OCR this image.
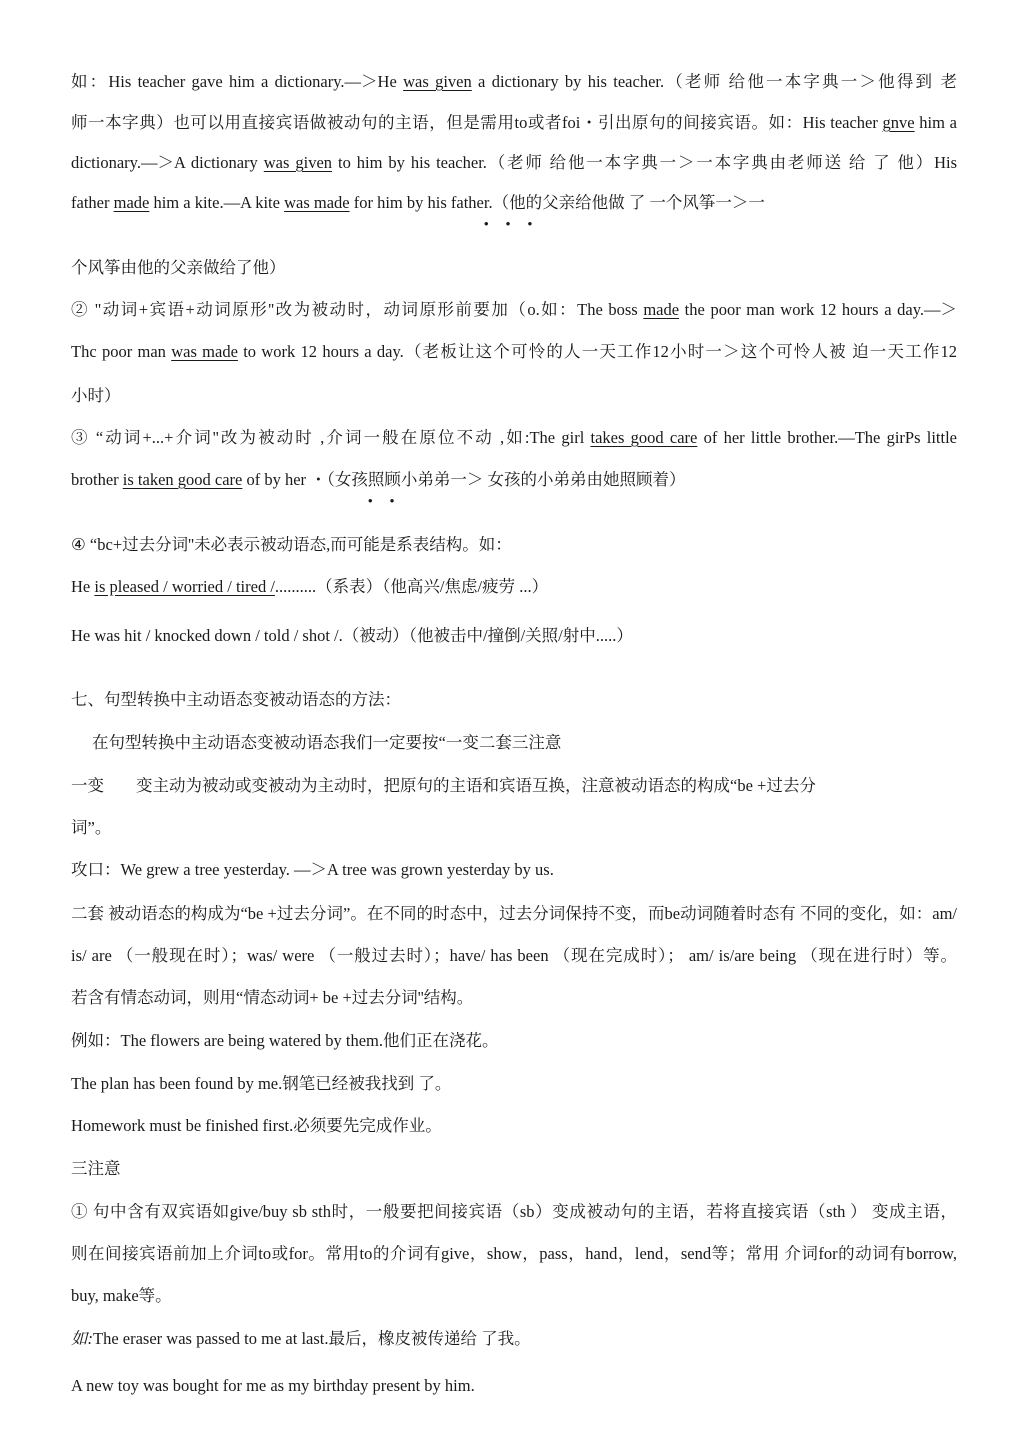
如：His teacher gave him a dictionary.—＞He was given a dictionary by his teacher.（老师 给他一本字典一＞他得到 老
师一本字典）也可以用直接宾语做被动句的主语，但是需用to或者foi・引出原句的间接宾语。如：His teacher gnve him a
dictionary.—＞A dictionary was given to him by his teacher.（老师 给他一本字典一＞一本字典由老师送 给 了 他）His
father made him a kite.—A kite was made for him by his father.（他的父亲给他做 了 一个风筝一＞一
• • •
个风筝由他的父亲做给了他）
② "动词+宾语+动词原形''改为被动时，动词原形前要加（o.如：The boss made the poor man work 12 hours a day.—＞
Thc poor man was made to work 12 hours a day.（老板让这个可怜的人一天工作12小时一＞这个可怜人被 迫一天工作12
小时）
③ “动词+...+介词''改为被动时 ,介词一般在原位不动 ,如:The girl takes good care of her little brother.—The girPs little
brother is taken good care of by her ・（女孩照顾小弟弟一＞ 女孩的小弟弟由她照顾着）
• •
④ “bc+过去分词''未必表示被动语态,而可能是系表结构。如：
He is pleased / worried / tired /..........（系表）（他高兴/焦虑/疲劳 ...）
He was hit / knocked down / told / shot /.（被动）（他被击中/撞倒/关照/射中.....）
七、句型转换中主动语态变被动语态的方法：
在句型转换中主动语态变被动语态我们一定要按“一变二套三注意
一变 变主动为被动或变被动为主动时，把原句的主语和宾语互换，注意被动语态的构成“be +过去分
词”。
攻口：We grew a tree yesterday. —＞A tree was grown yesterday by us.
二套 被动语态的构成为“be +过去分词”。在不同的时态中，过去分词保持不变，而be动词随着时态有 不同的变化，如：am/
is/ are （一般现在时）；was/ were （一般过去时）；have/ has been （现在完成时）； am/ is/are being （现在进行时）等。
若含有情态动词，则用“情态动词+ be +过去分词''结构。
例如：The flowers are being watered by them.他们正在浇花。
The plan has been found by me.钢笔已经被我找到 了。
Homework must be finished first.必须要先完成作业。
三注意
① 句中含有双宾语如give/buy sb sth时，一般要把间接宾语（sb）变成被动句的主语，若将直接宾语（sth ） 变成主语，
则在间接宾语前加上介词to或for。常用to的介词有give，show，pass，hand，lend，send等；常用 介词for的动词有borrow,
buy, make等。
如:The eraser was passed to me at last.最后，橡皮被传递给 了我。
A new toy was bought for me as my birthday present by him.
